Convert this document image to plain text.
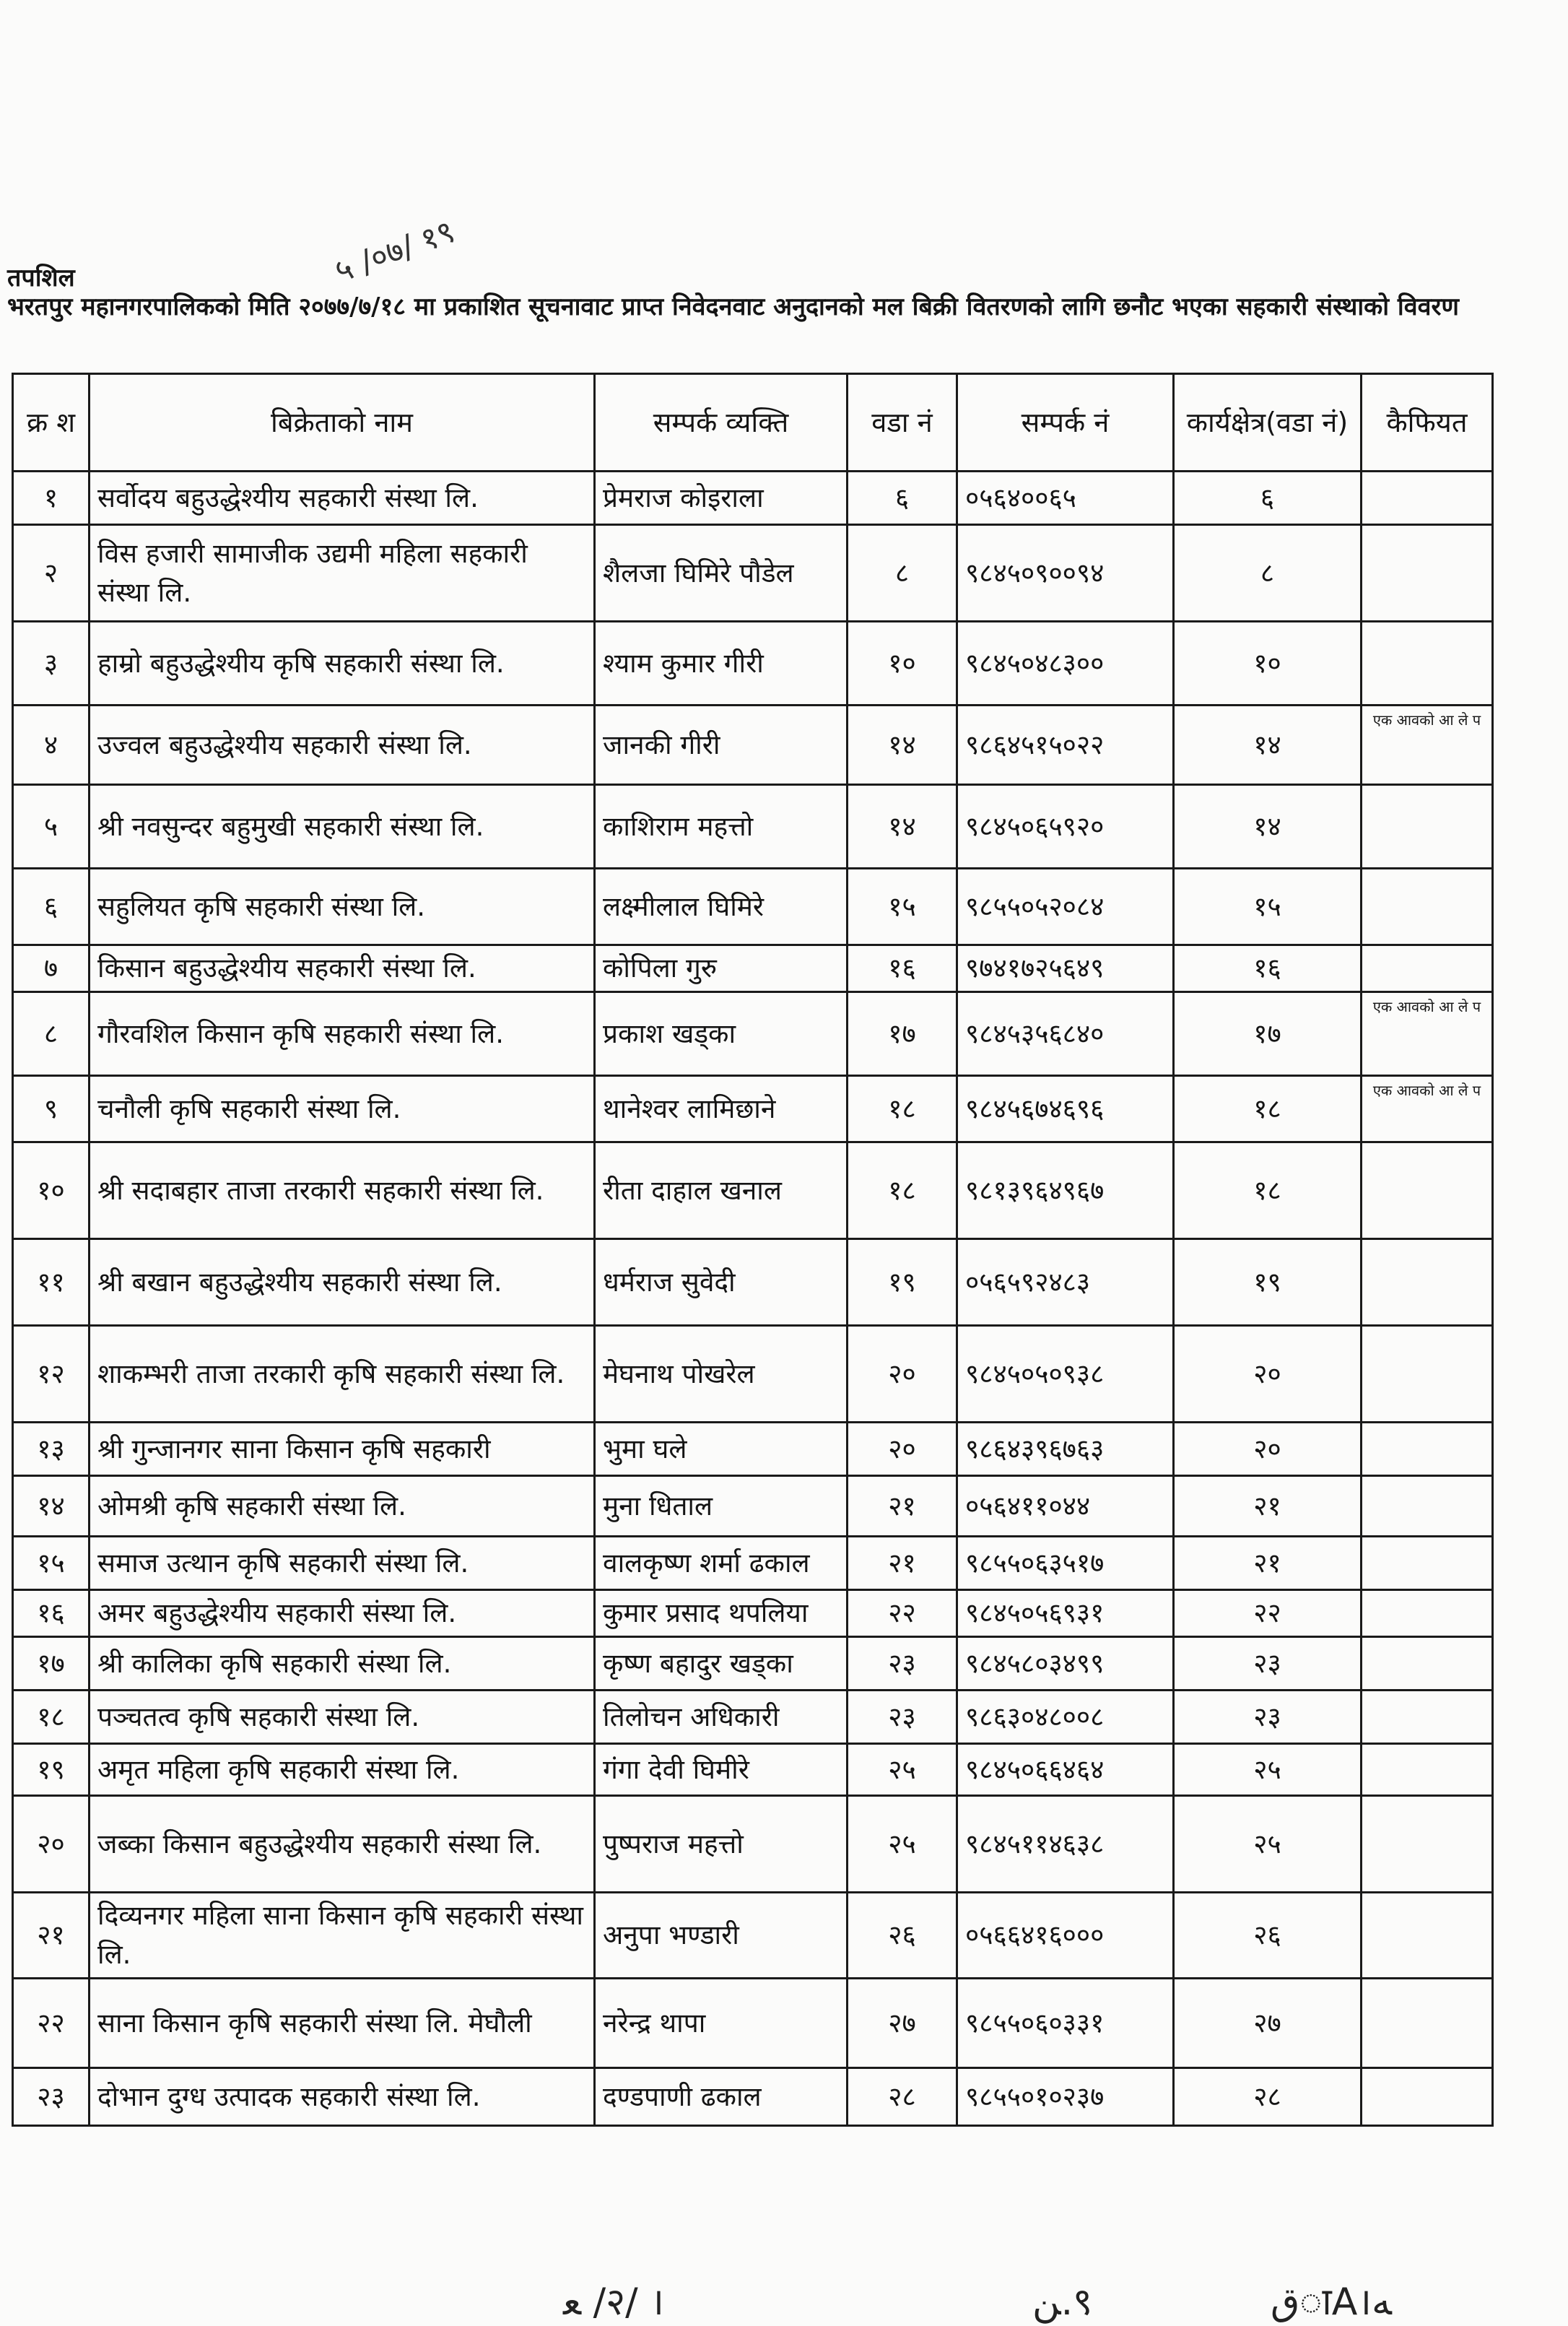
५ /०७/ १९
तपशिल
भरतपुर महानगरपालिकको मिति २०७७/७/१८ मा प्रकाशित सूचनावाट प्राप्त निवेदनवाट अनुदानको मल बिक्री वितरणको लागि छनौट भएका सहकारी संस्थाको विवरण
क्र श	बिक्रेताको नाम	सम्पर्क व्यक्ति	वडा नं	सम्पर्क नं	कार्यक्षेत्र(वडा नं)	कैफियत
१	सर्वोदय बहुउद्धेश्यीय सहकारी संस्था लि.	प्रेमराज कोइराला	६	०५६४००६५	६	
२	विस हजारी सामाजीक उद्यमी महिला सहकारी संस्था लि.	शैलजा घिमिरे पौडेल	८	९८४५०९००९४	८	
३	हाम्रो बहुउद्धेश्यीय कृषि सहकारी संस्था लि.	श्याम कुमार गीरी	१०	९८४५०४८३००	१०	
४	उज्वल बहुउद्धेश्यीय सहकारी संस्था लि.	जानकी गीरी	१४	९८६४५१५०२२	१४	एक आवको आ ले प
५	श्री नवसुन्दर बहुमुखी सहकारी संस्था लि.	काशिराम महत्तो	१४	९८४५०६५९२०	१४	
६	सहुलियत कृषि सहकारी संस्था लि.	लक्ष्मीलाल घिमिरे	१५	९८५५०५२०८४	१५	
७	किसान बहुउद्धेश्यीय सहकारी संस्था लि.	कोपिला गुरु	१६	९७४१७२५६४९	१६	
८	गौरवशिल किसान कृषि सहकारी संस्था लि.	प्रकाश खड्का	१७	९८४५३५६८४०	१७	एक आवको आ ले प
९	चनौली कृषि सहकारी संस्था लि.	थानेश्वर लामिछाने	१८	९८४५६७४६९६	१८	एक आवको आ ले प
१०	श्री सदाबहार ताजा तरकारी सहकारी संस्था लि.	रीता दाहाल खनाल	१८	९८१३९६४९६७	१८	
११	श्री बखान बहुउद्धेश्यीय सहकारी संस्था लि.	धर्मराज सुवेदी	१९	०५६५९२४८३	१९	
१२	शाकम्भरी ताजा तरकारी कृषि सहकारी संस्था लि.	मेघनाथ पोखरेल	२०	९८४५०५०९३८	२०	
१३	श्री गुन्जानगर साना किसान कृषि सहकारी	भुमा घले	२०	९८६४३९६७६३	२०	
१४	ओमश्री कृषि सहकारी संस्था लि.	मुना धिताल	२१	०५६४११०४४	२१	
१५	समाज उत्थान कृषि सहकारी संस्था लि.	वालकृष्ण शर्मा ढकाल	२१	९८५५०६३५१७	२१	
१६	अमर बहुउद्धेश्यीय सहकारी संस्था लि.	कुमार प्रसाद थपलिया	२२	९८४५०५६९३१	२२	
१७	श्री कालिका कृषि सहकारी संस्था लि.	कृष्ण बहादुर खड्का	२३	९८४५८०३४९९	२३	
१८	पञ्चतत्व कृषि सहकारी संस्था लि.	तिलोचन अधिकारी	२३	९८६३०४८००८	२३	
१९	अमृत महिला कृषि सहकारी संस्था लि.	गंगा देवी घिमीरे	२५	९८४५०६६४६४	२५	
२०	जब्का किसान बहुउद्धेश्यीय सहकारी संस्था लि.	पुष्पराज महत्तो	२५	९८४५११४६३८	२५	
२१	दिव्यनगर महिला साना किसान कृषि सहकारी संस्था लि.	अनुपा भण्डारी	२६	०५६६४१६०००	२६	
२२	साना किसान कृषि सहकारी संस्था लि. मेघौली	नरेन्द्र थापा	२७	९८५५०६०३३१	२७	
२३	दोभान दुग्ध उत्पादक सहकारी संस्था लि.	दण्डपाणी ढकाल	२८	९८५५०१०२३७	२८	
ﻌ /२/ ।	ﻦ.९	ﻕाA।ﻪ
